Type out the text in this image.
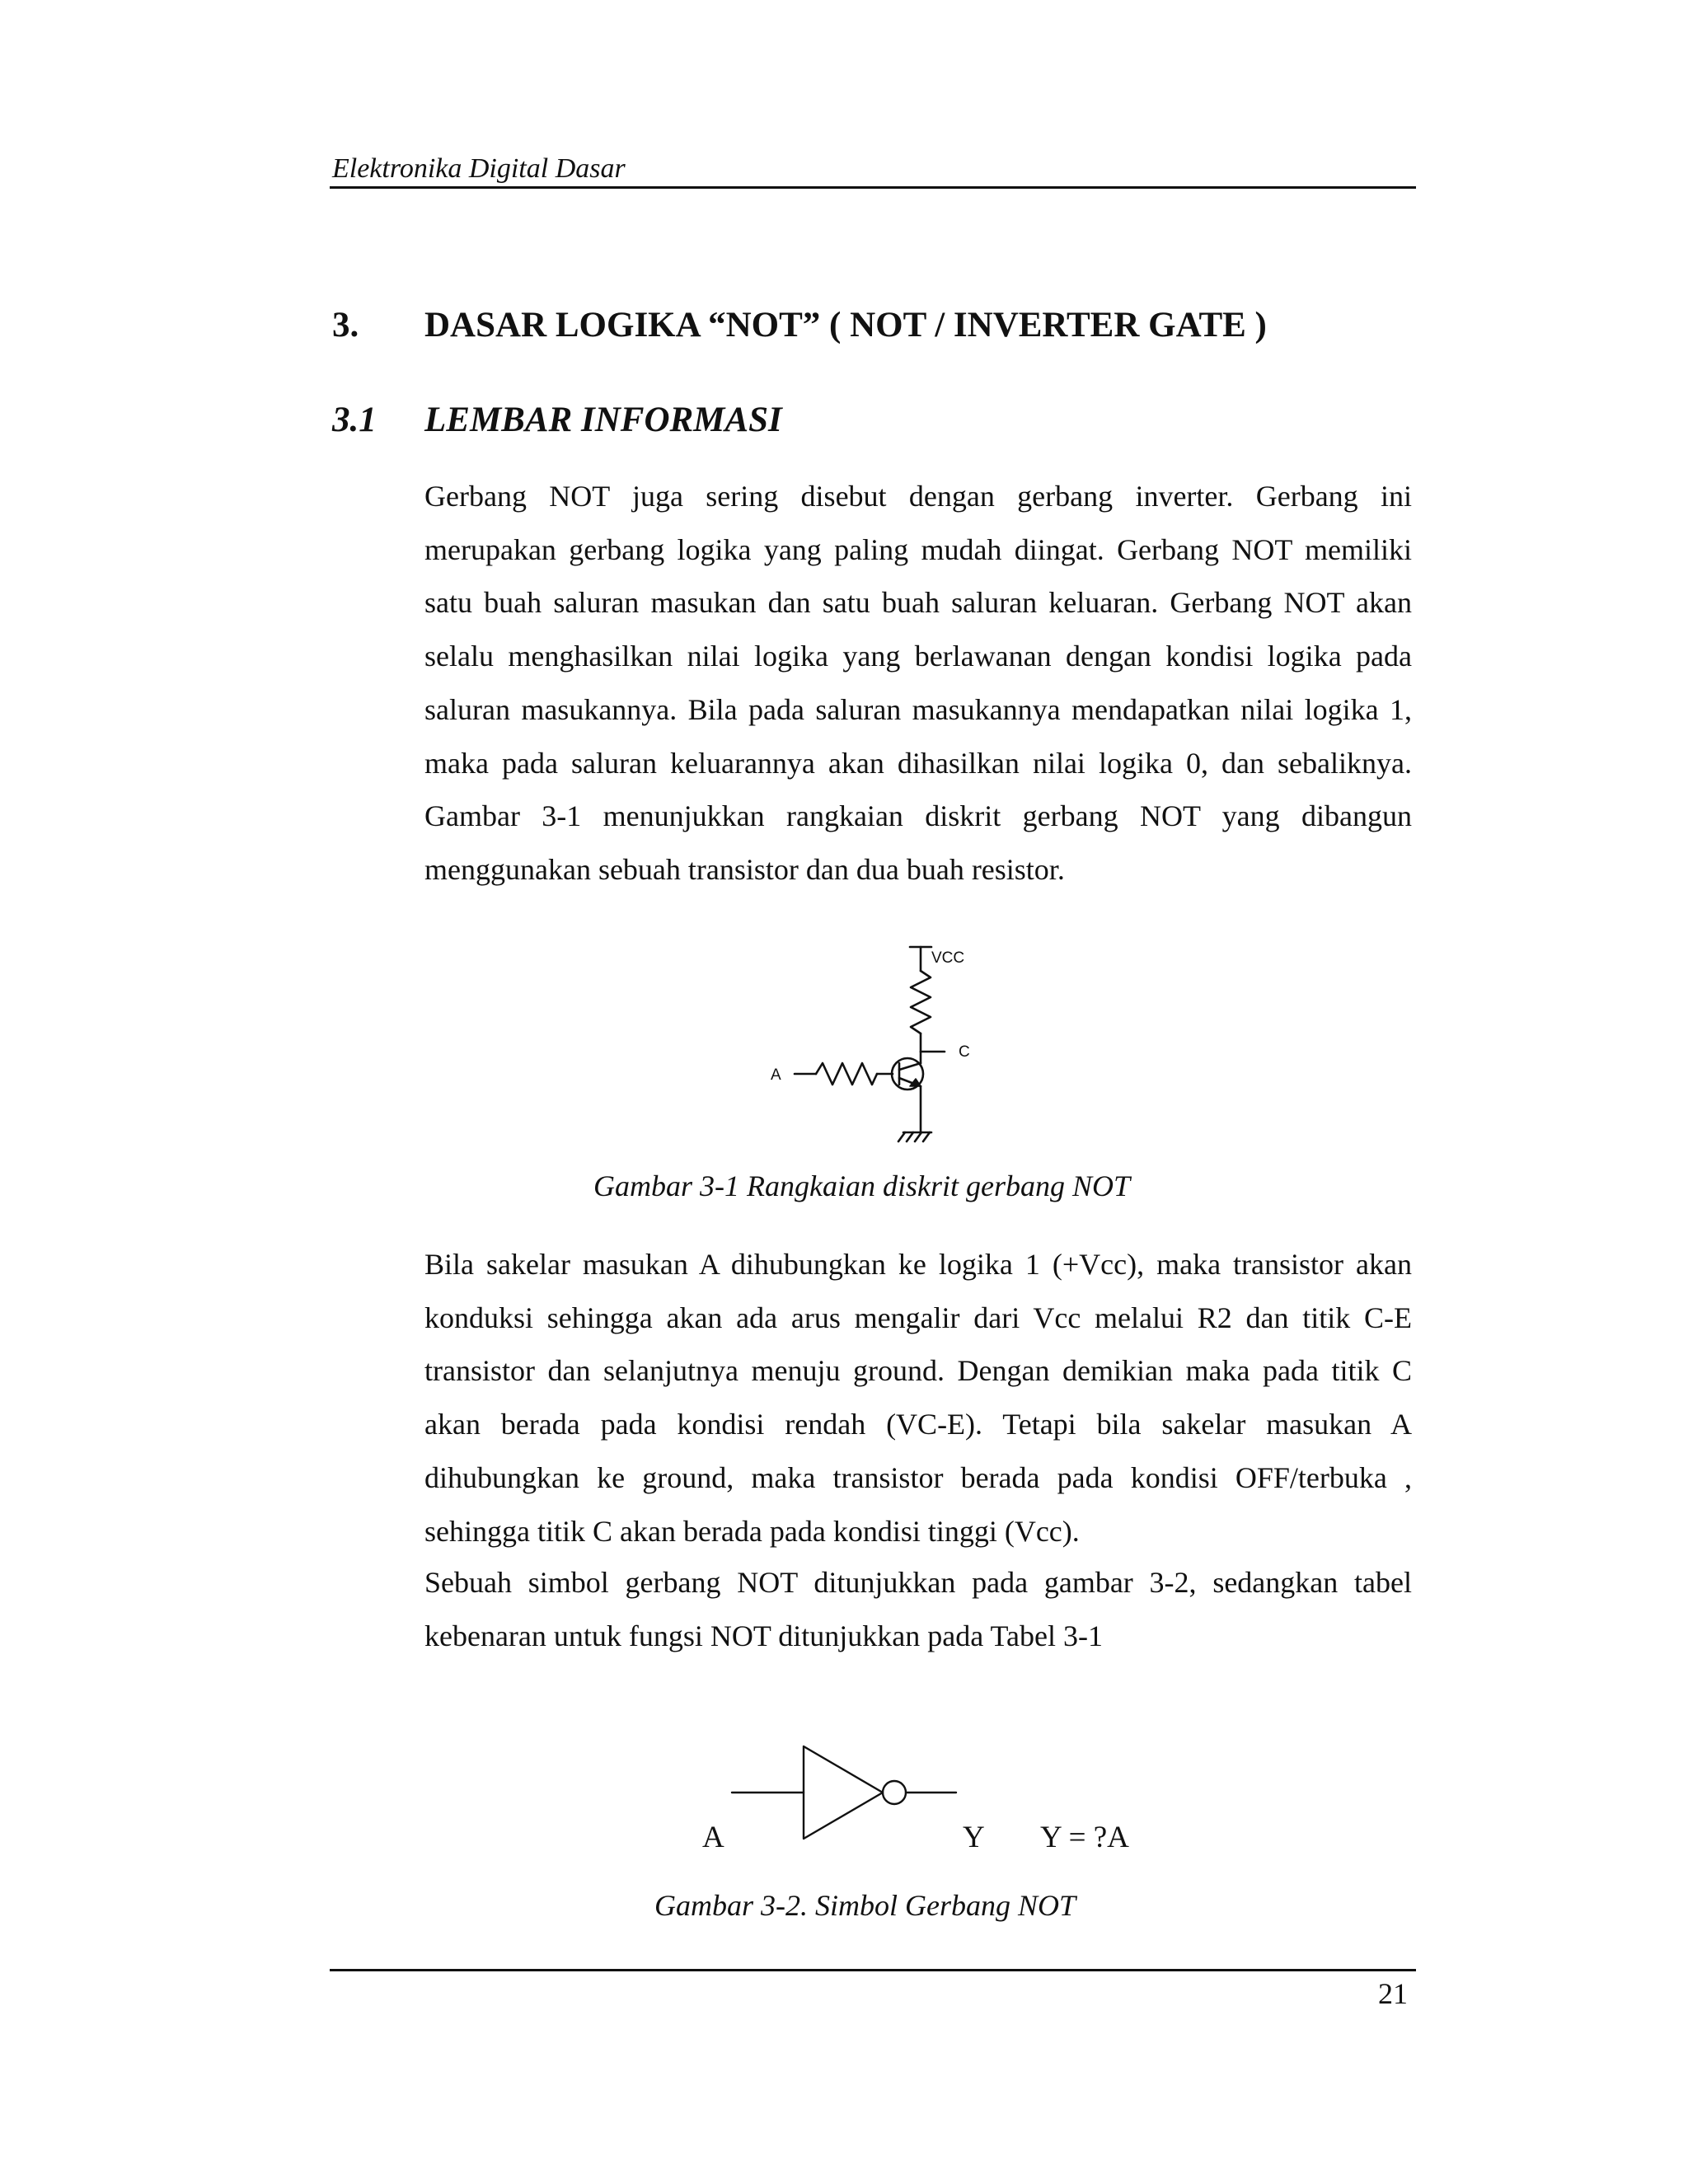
Elektronika Digital Dasar
3. DASAR LOGIKA “NOT” ( NOT / INVERTER GATE )
3.1 LEMBAR INFORMASI

Gerbang NOT juga sering disebut dengan gerbang inverter. Gerbang ini merupakan gerbang logika yang paling mudah diingat. Gerbang NOT memiliki satu buah saluran masukan dan satu buah saluran keluaran. Gerbang NOT akan selalu menghasilkan nilai logika yang berlawanan dengan kondisi logika pada saluran masukannya. Bila pada saluran masukannya mendapatkan nilai logika 1, maka pada saluran keluarannya akan dihasilkan nilai logika 0, dan sebaliknya. Gambar 3-1 menunjukkan rangkaian diskrit gerbang NOT yang dibangun menggunakan sebuah transistor dan dua buah resistor.

VCC
C
A
Gambar 3-1 Rangkaian diskrit gerbang NOT

Bila sakelar masukan A dihubungkan ke logika 1 (+Vcc), maka transistor akan konduksi sehingga akan ada arus mengalir dari Vcc melalui R2 dan titik C-E transistor dan selanjutnya menuju ground. Dengan demikian maka pada titik C akan berada pada kondisi rendah (VC-E). Tetapi bila sakelar masukan A dihubungkan ke ground, maka transistor berada pada kondisi OFF/terbuka , sehingga titik C akan berada pada kondisi tinggi (Vcc).

Sebuah simbol gerbang NOT ditunjukkan pada gambar 3-2, sedangkan tabel kebenaran untuk fungsi NOT ditunjukkan pada Tabel 3-1

A	Y Y = ?A
Gambar 3-2. Simbol Gerbang NOT
21
